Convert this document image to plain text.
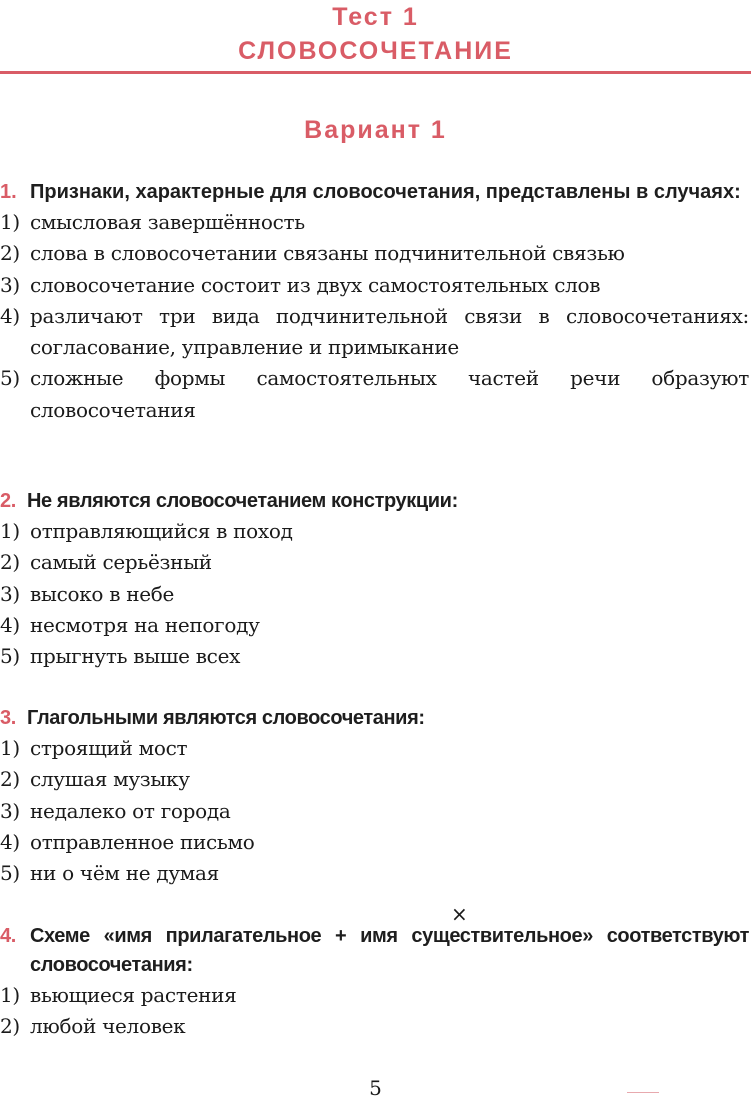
Тест 1
СЛОВОСОЧЕТАНИЕ
Вариант 1
1. Признаки, характерные для словосочетания, представлены в случаях:
1) смысловая завершённость
2) слова в словосочетании связаны подчинительной связью
3) словосочетание состоит из двух самостоятельных слов
4) различают три вида подчинительной связи в словосочетаниях: согласование, управление и примыкание
5) сложные формы самостоятельных частей речи образуют словосочетания
2. Не являются словосочетанием конструкции:
1) отправляющийся в поход
2) самый серьёзный
3) высоко в небе
4) несмотря на непогоду
5) прыгнуть выше всех
3. Глагольными являются словосочетания:
1) строящий мост
2) слушая музыку
3) недалеко от города
4) отправленное письмо
5) ни о чём не думая
×
4. Схеме «имя прилагательное + имя существительное» соответствуют словосочетания:
1) вьющиеся растения
2) любой человек
5
